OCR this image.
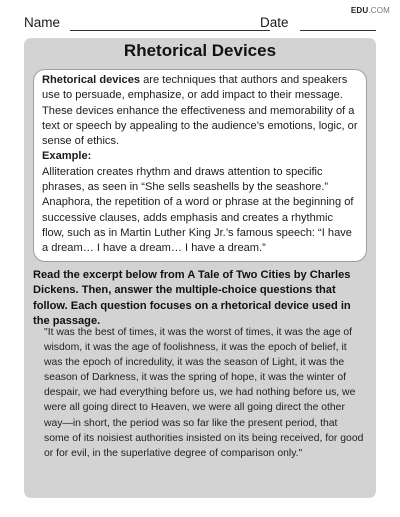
EDU.COM
Name	Date
Rhetorical Devices

Rhetorical devices are techniques that authors and speakers use to persuade, emphasize, or add impact to their message. These devices enhance the effectiveness and memorability of a text or speech by appealing to the audience’s emotions, logic, or sense of ethics.

Example:

Alliteration creates rhythm and draws attention to specific phrases, as seen in “She sells seashells by the seashore.” Anaphora, the repetition of a word or phrase at the beginning of successive clauses, adds emphasis and creates a rhythmic flow, such as in Martin Luther King Jr.’s famous speech: “I have a dream… I have a dream… I have a dream.”

Read the excerpt below from A Tale of Two Cities by Charles Dickens. Then, answer the multiple-choice questions that follow. Each question focuses on a rhetorical device used in the passage.
"It was the best of times, it was the worst of times, it was the age of wisdom, it was the age of foolishness, it was the epoch of belief, it was the epoch of incredulity, it was the season of Light, it was the season of Darkness, it was the spring of hope, it was the winter of despair, we had everything before us, we had nothing before us, we were all going direct to Heaven, we were all going direct the other way—in short, the period was so far like the present period, that some of its noisiest authorities insisted on its being received, for good or for evil, in the superlative degree of comparison only."
